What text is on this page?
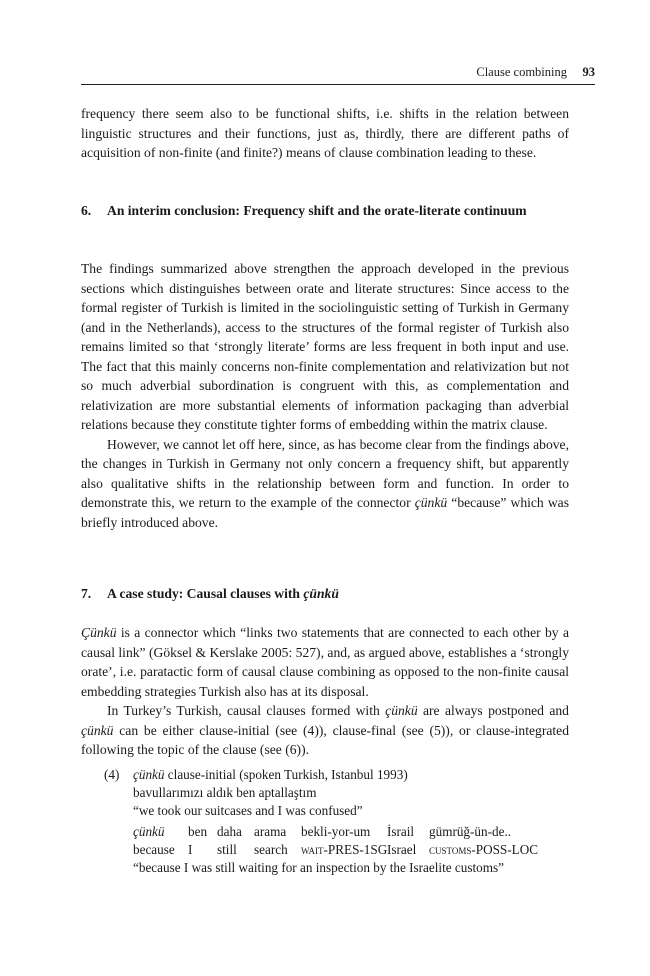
Clause combining 93

frequency there seem also to be functional shifts, i.e. shifts in the relation between linguistic structures and their functions, just as, thirdly, there are different paths of acquisition of non-finite (and finite?) means of clause combination leading to these.

6. An interim conclusion: Frequency shift and the orate-literate continuum

The findings summarized above strengthen the approach developed in the previous sections which distinguishes between orate and literate structures: Since access to the formal register of Turkish is limited in the sociolinguistic setting of Turkish in Germany (and in the Netherlands), access to the structures of the formal register of Turkish also remains limited so that ‘strongly literate’ forms are less frequent in both input and use. The fact that this mainly concerns non-finite complementation and relativization but not so much adverbial subordination is congruent with this, as complementation and relativization are more substantial elements of information packaging than adverbial relations because they constitute tighter forms of embedding within the matrix clause.

However, we cannot let off here, since, as has become clear from the findings above, the changes in Turkish in Germany not only concern a frequency shift, but apparently also qualitative shifts in the relationship between form and function. In order to demonstrate this, we return to the example of the connector çünkü “because” which was briefly introduced above.

7. A case study: Causal clauses with çünkü

Çünkü is a connector which “links two statements that are connected to each other by a causal link” (Göksel & Kerslake 2005: 527), and, as argued above, establishes a ‘strongly orate’, i.e. paratactic form of causal clause combining as opposed to the non-finite causal embedding strategies Turkish also has at its disposal.

In Turkey’s Turkish, causal clauses formed with çünkü are always postponed and çünkü can be either clause-initial (see (4)), clause-final (see (5)), or clause-integrated following the topic of the clause (see (6)).

(4) çünkü clause-initial (spoken Turkish, Istanbul 1993)
bavullarımızı aldık ben aptallaştım
“we took our suitcases and I was confused”
çünkü ben daha arama bekli-yor-um İsrail gümrüğ-ün-de..
because I still search wait-PRES-1SG Israel customs-POSS-LOC
“because I was still waiting for an inspection by the Israelite customs”
